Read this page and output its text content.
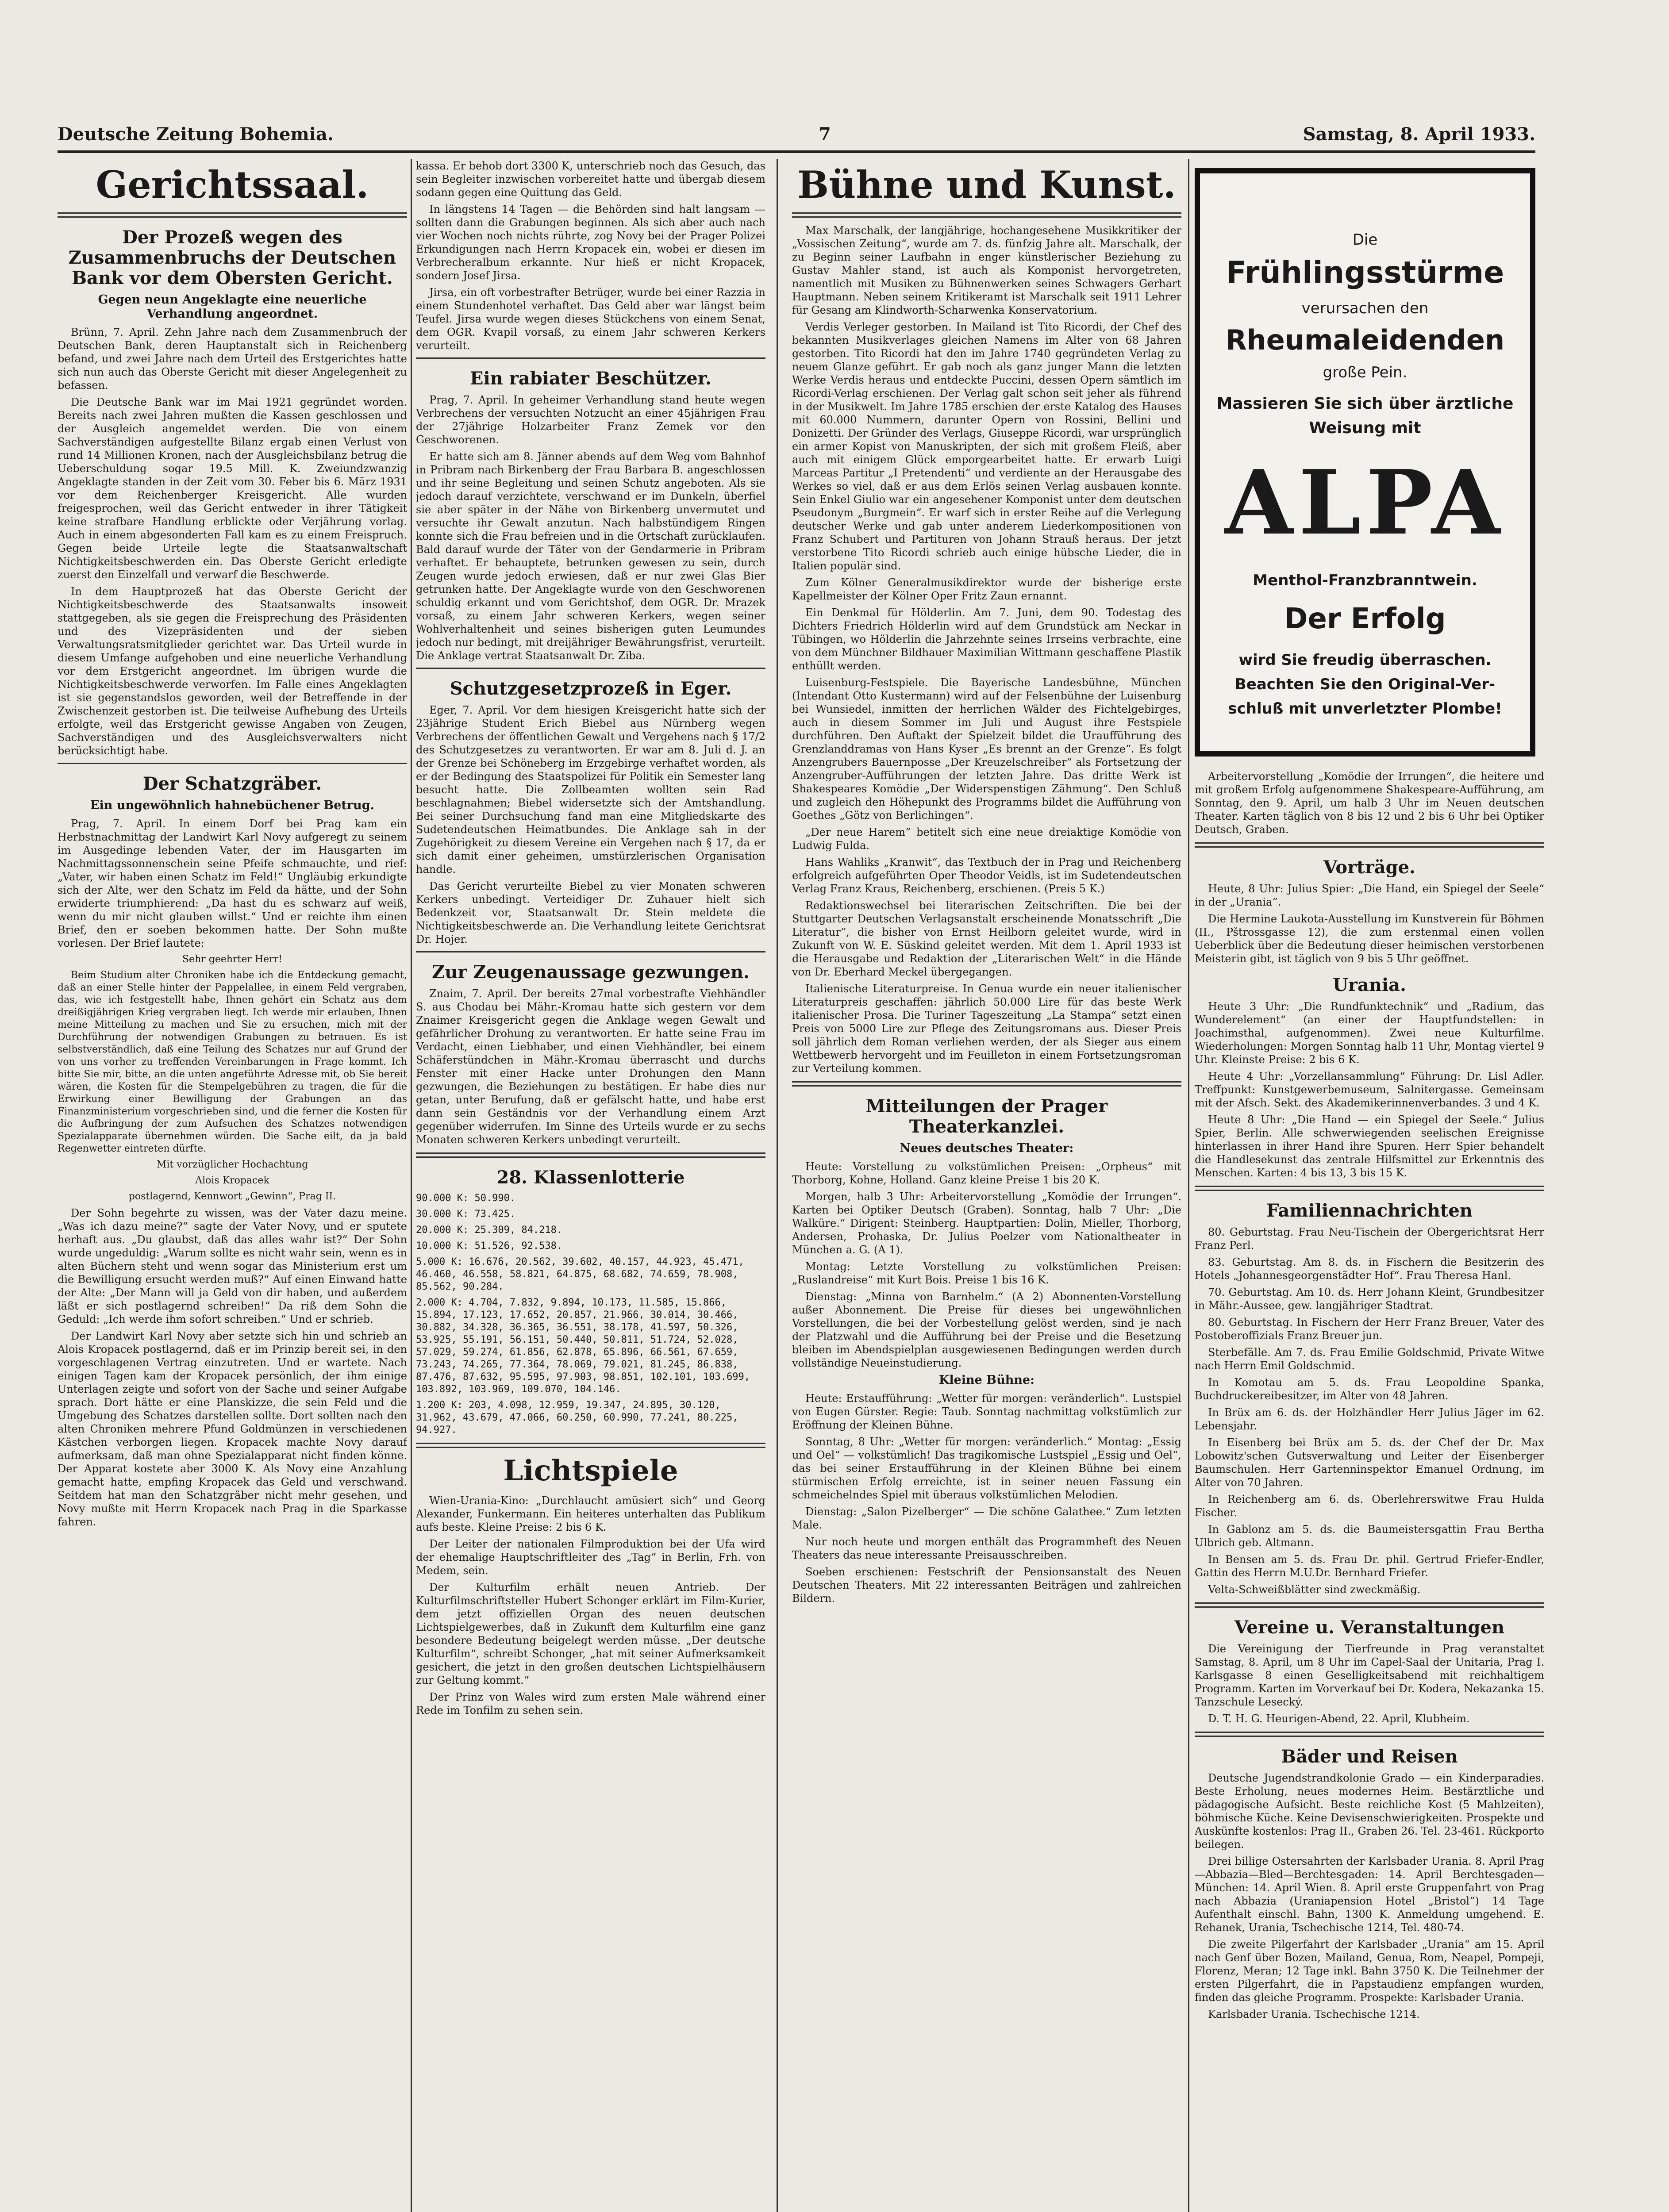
Deutsche Zeitung Bohemia.	7	Samstag, 8. April 1933.
Gerichtssaal.
Der Prozeß wegen des Zusammenbruchs der Deutschen Bank vor dem Obersten Gericht.
Gegen neun Angeklagte eine neuerliche Verhandlung angeordnet.

Brünn, 7. April. Zehn Jahre nach dem Zusammenbruch der Deutschen Bank, deren Hauptanstalt sich in Reichenberg befand, und zwei Jahre nach dem Urteil des Erstgerichtes hatte sich nun auch das Oberste Gericht mit dieser Angelegenheit zu befassen.

Die Deutsche Bank war im Mai 1921 gegründet worden. Bereits nach zwei Jahren mußten die Kassen geschlossen und der Ausgleich angemeldet werden. Die von einem Sachverständigen aufgestellte Bilanz ergab einen Verlust von rund 14 Millionen Kronen, nach der Ausgleichsbilanz betrug die Ueberschuldung sogar 19.5 Mill. K. Zweiundzwanzig Angeklagte standen in der Zeit vom 30. Feber bis 6. März 1931 vor dem Reichenberger Kreisgericht. Alle wurden freigesprochen, weil das Gericht entweder in ihrer Tätigkeit keine strafbare Handlung erblickte oder Verjährung vorlag. Auch in einem abgesonderten Fall kam es zu einem Freispruch. Gegen beide Urteile legte die Staatsanwaltschaft Nichtigkeitsbeschwerden ein. Das Oberste Gericht erledigte zuerst den Einzelfall und verwarf die Beschwerde.

In dem Hauptprozeß hat das Oberste Gericht der Nichtigkeitsbeschwerde des Staatsanwalts insoweit stattgegeben, als sie gegen die Freisprechung des Präsidenten und des Vizepräsidenten und der sieben Verwaltungsratsmitglieder gerichtet war. Das Urteil wurde in diesem Umfange aufgehoben und eine neuerliche Verhandlung vor dem Erstgericht angeordnet. Im übrigen wurde die Nichtigkeitsbeschwerde verworfen. Im Falle eines Angeklagten ist sie gegenstandslos geworden, weil der Betreffende in der Zwischenzeit gestorben ist. Die teilweise Aufhebung des Urteils erfolgte, weil das Erstgericht gewisse Angaben von Zeugen, Sachverständigen und des Ausgleichsverwalters nicht berücksichtigt habe.

Der Schatzgräber.
Ein ungewöhnlich hahnebüchener Betrug.

Prag, 7. April. In einem Dorf bei Prag kam ein Herbstnachmittag der Landwirt Karl Novy aufgeregt zu seinem im Ausgedinge lebenden Vater, der im Hausgarten im Nachmittagssonnenschein seine Pfeife schmauchte, und rief: „Vater, wir haben einen Schatz im Feld!“ Ungläubig erkundigte sich der Alte, wer den Schatz im Feld da hätte, und der Sohn erwiderte triumphierend: „Da hast du es schwarz auf weiß, wenn du mir nicht glauben willst.“ Und er reichte ihm einen Brief, den er soeben bekommen hatte. Der Sohn mußte vorlesen. Der Brief lautete:

Sehr geehrter Herr!

Beim Studium alter Chroniken habe ich die Entdeckung gemacht, daß an einer Stelle hinter der Pappelallee, in einem Feld vergraben, das, wie ich festgestellt habe, Ihnen gehört ein Schatz aus dem dreißigjährigen Krieg vergraben liegt. Ich werde mir erlauben, Ihnen meine Mitteilung zu machen und Sie zu ersuchen, mich mit der Durchführung der notwendigen Grabungen zu betrauen. Es ist selbstverständlich, daß eine Teilung des Schatzes nur auf Grund der von uns vorher zu treffenden Vereinbarungen in Frage kommt. Ich bitte Sie mir, bitte, an die unten angeführte Adresse mit, ob Sie bereit wären, die Kosten für die Stempelgebühren zu tragen, die für die Erwirkung einer Bewilligung der Grabungen an das Finanzministerium vorgeschrieben sind, und die ferner die Kosten für die Aufbringung der zum Aufsuchen des Schatzes notwendigen Spezialapparate übernehmen würden. Die Sache eilt, da ja bald Regenwetter eintreten dürfte.

Mit vorzüglicher Hochachtung

Alois Kropacek

postlagernd, Kennwort „Gewinn“, Prag II.

Der Sohn begehrte zu wissen, was der Vater dazu meine. „Was ich dazu meine?“ sagte der Vater Novy, und er sputete herhaft aus. „Du glaubst, daß das alles wahr ist?“ Der Sohn wurde ungeduldig: „Warum sollte es nicht wahr sein, wenn es in alten Büchern steht und wenn sogar das Ministerium erst um die Bewilligung ersucht werden muß?“ Auf einen Einwand hatte der Alte: „Der Mann will ja Geld von dir haben, und außerdem läßt er sich postlagernd schreiben!“ Da riß dem Sohn die Geduld: „Ich werde ihm sofort schreiben.“ Und er schrieb.

Der Landwirt Karl Novy aber setzte sich hin und schrieb an Alois Kropacek postlagernd, daß er im Prinzip bereit sei, in den vorgeschlagenen Vertrag einzutreten. Und er wartete. Nach einigen Tagen kam der Kropacek persönlich, der ihm einige Unterlagen zeigte und sofort von der Sache und seiner Aufgabe sprach. Dort hätte er eine Planskizze, die sein Feld und die Umgebung des Schatzes darstellen sollte. Dort sollten nach den alten Chroniken mehrere Pfund Goldmünzen in verschiedenen Kästchen verborgen liegen. Kropacek machte Novy darauf aufmerksam, daß man ohne Spezialapparat nicht finden könne. Der Apparat kostete aber 3000 K. Als Novy eine Anzahlung gemacht hatte, empfing Kropacek das Geld und verschwand. Seitdem hat man den Schatzgräber nicht mehr gesehen, und Novy mußte mit Herrn Kropacek nach Prag in die Sparkasse fahren.

kassa. Er behob dort 3300 K, unterschrieb noch das Gesuch, das sein Begleiter inzwischen vorbereitet hatte und übergab diesem sodann gegen eine Quittung das Geld.

In längstens 14 Tagen — die Behörden sind halt langsam — sollten dann die Grabungen beginnen. Als sich aber auch nach vier Wochen noch nichts rührte, zog Novy bei der Prager Polizei Erkundigungen nach Herrn Kropacek ein, wobei er diesen im Verbrecheralbum erkannte. Nur hieß er nicht Kropacek, sondern Josef Jirsa.

Jirsa, ein oft vorbestrafter Betrüger, wurde bei einer Razzia in einem Stundenhotel verhaftet. Das Geld aber war längst beim Teufel. Jirsa wurde wegen dieses Stückchens von einem Senat, dem OGR. Kvapil vorsaß, zu einem Jahr schweren Kerkers verurteilt.

Ein rabiater Beschützer.

Prag, 7. April. In geheimer Verhandlung stand heute wegen Verbrechens der versuchten Notzucht an einer 45jährigen Frau der 27jährige Holzarbeiter Franz Zemek vor den Geschworenen.

Er hatte sich am 8. Jänner abends auf dem Weg vom Bahnhof in Pribram nach Birkenberg der Frau Barbara B. angeschlossen und ihr seine Begleitung und seinen Schutz angeboten. Als sie jedoch darauf verzichtete, verschwand er im Dunkeln, überfiel sie aber später in der Nähe von Birkenberg unvermutet und versuchte ihr Gewalt anzutun. Nach halbstündigem Ringen konnte sich die Frau befreien und in die Ortschaft zurücklaufen. Bald darauf wurde der Täter von der Gendarmerie in Pribram verhaftet. Er behauptete, betrunken gewesen zu sein, durch Zeugen wurde jedoch erwiesen, daß er nur zwei Glas Bier getrunken hatte. Der Angeklagte wurde von den Geschworenen schuldig erkannt und vom Gerichtshof, dem OGR. Dr. Mrazek vorsaß, zu einem Jahr schweren Kerkers, wegen seiner Wohlverhaltenheit und seines bisherigen guten Leumundes jedoch nur bedingt, mit dreijähriger Bewährungsfrist, verurteilt. Die Anklage vertrat Staatsanwalt Dr. Ziba.

Schutzgesetzprozeß in Eger.

Eger, 7. April. Vor dem hiesigen Kreisgericht hatte sich der 23jährige Student Erich Biebel aus Nürnberg wegen Verbrechens der öffentlichen Gewalt und Vergehens nach § 17/2 des Schutzgesetzes zu verantworten. Er war am 8. Juli d. J. an der Grenze bei Schöneberg im Erzgebirge verhaftet worden, als er der Bedingung des Staatspolizei für Politik ein Semester lang besucht hatte. Die Zollbeamten wollten sein Rad beschlagnahmen; Biebel widersetzte sich der Amtshandlung. Bei seiner Durchsuchung fand man eine Mitgliedskarte des Sudetendeutschen Heimatbundes. Die Anklage sah in der Zugehörigkeit zu diesem Vereine ein Vergehen nach § 17, da er sich damit einer geheimen, umstürzlerischen Organisation handle.

Das Gericht verurteilte Biebel zu vier Monaten schweren Kerkers unbedingt. Verteidiger Dr. Zuhauer hielt sich Bedenkzeit vor, Staatsanwalt Dr. Stein meldete die Nichtigkeitsbeschwerde an. Die Verhandlung leitete Gerichtsrat Dr. Hojer.

Zur Zeugenaussage gezwungen.

Znaim, 7. April. Der bereits 27mal vorbestrafte Viehhändler S. aus Chodau bei Mähr.-Kromau hatte sich gestern vor dem Znaimer Kreisgericht gegen die Anklage wegen Gewalt und gefährlicher Drohung zu verantworten. Er hatte seine Frau im Verdacht, einen Liebhaber, und einen Viehhändler, bei einem Schäferstündchen in Mähr.-Kromau überrascht und durchs Fenster mit einer Hacke unter Drohungen den Mann gezwungen, die Beziehungen zu bestätigen. Er habe dies nur getan, unter Berufung, daß er gefälscht hatte, und habe erst dann sein Geständnis vor der Verhandlung einem Arzt gegenüber widerrufen. Im Sinne des Urteils wurde er zu sechs Monaten schweren Kerkers unbedingt verurteilt.

28. Klassenlotterie

90.000 K: 50.990.

30.000 K: 73.425.

20.000 K: 25.309, 84.218.

10.000 K: 51.526, 92.538.

5.000 K: 16.676, 20.562, 39.602, 40.157, 44.923, 45.471, 46.460, 46.558, 58.821, 64.875, 68.682, 74.659, 78.908, 85.562, 90.284.

2.000 K: 4.704, 7.832, 9.894, 10.173, 11.585, 15.866, 15.894, 17.123, 17.652, 20.857, 21.966, 30.014, 30.466, 30.882, 34.328, 36.365, 36.551, 38.178, 41.597, 50.326, 53.925, 55.191, 56.151, 50.440, 50.811, 51.724, 52.028, 57.029, 59.274, 61.856, 62.878, 65.896, 66.561, 67.659, 73.243, 74.265, 77.364, 78.069, 79.021, 81.245, 86.838, 87.476, 87.632, 95.595, 97.903, 98.851, 102.101, 103.699, 103.892, 103.969, 109.070, 104.146.

1.200 K: 203, 4.098, 12.959, 19.347, 24.895, 30.120, 31.962, 43.679, 47.066, 60.250, 60.990, 77.241, 80.225, 94.927.

Lichtspiele

Wien-Urania-Kino: „Durchlaucht amüsiert sich“ und Georg Alexander, Funkermann. Ein heiteres unterhalten das Publikum aufs beste. Kleine Preise: 2 bis 6 K.

Der Leiter der nationalen Filmproduktion bei der Ufa wird der ehemalige Hauptschriftleiter des „Tag“ in Berlin, Frh. von Medem, sein.

Der Kulturfilm erhält neuen Antrieb. Der Kulturfilmschriftsteller Hubert Schonger erklärt im Film-Kurier, dem jetzt offiziellen Organ des neuen deutschen Lichtspielgewerbes, daß in Zukunft dem Kulturfilm eine ganz besondere Bedeutung beigelegt werden müsse. „Der deutsche Kulturfilm“, schreibt Schonger, „hat mit seiner Aufmerksamkeit gesichert, die jetzt in den großen deutschen Lichtspielhäusern zur Geltung kommt.“

Der Prinz von Wales wird zum ersten Male während einer Rede im Tonfilm zu sehen sein.

Bühne und Kunst.

Max Marschalk, der langjährige, hochangesehene Musikkritiker der „Vossischen Zeitung“, wurde am 7. ds. fünfzig Jahre alt. Marschalk, der zu Beginn seiner Laufbahn in enger künstlerischer Beziehung zu Gustav Mahler stand, ist auch als Komponist hervorgetreten, namentlich mit Musiken zu Bühnenwerken seines Schwagers Gerhart Hauptmann. Neben seinem Kritikeramt ist Marschalk seit 1911 Lehrer für Gesang am Klindworth-Scharwenka Konservatorium.

Verdis Verleger gestorben. In Mailand ist Tito Ricordi, der Chef des bekannten Musikverlages gleichen Namens im Alter von 68 Jahren gestorben. Tito Ricordi hat den im Jahre 1740 gegründeten Verlag zu neuem Glanze geführt. Er gab noch als ganz junger Mann die letzten Werke Verdis heraus und entdeckte Puccini, dessen Opern sämtlich im Ricordi-Verlag erschienen. Der Verlag galt schon seit jeher als führend in der Musikwelt. Im Jahre 1785 erschien der erste Katalog des Hauses mit 60.000 Nummern, darunter Opern von Rossini, Bellini und Donizetti. Der Gründer des Verlags, Giuseppe Ricordi, war ursprünglich ein armer Kopist von Manuskripten, der sich mit großem Fleiß, aber auch mit einigem Glück emporgearbeitet hatte. Er erwarb Luigi Marceas Partitur „I Pretendenti“ und verdiente an der Herausgabe des Werkes so viel, daß er aus dem Erlös seinen Verlag ausbauen konnte. Sein Enkel Giulio war ein angesehener Komponist unter dem deutschen Pseudonym „Burgmein“. Er warf sich in erster Reihe auf die Verlegung deutscher Werke und gab unter anderem Liederkompositionen von Franz Schubert und Partituren von Johann Strauß heraus. Der jetzt verstorbene Tito Ricordi schrieb auch einige hübsche Lieder, die in Italien populär sind.

Zum Kölner Generalmusikdirektor wurde der bisherige erste Kapellmeister der Kölner Oper Fritz Zaun ernannt.

Ein Denkmal für Hölderlin. Am 7. Juni, dem 90. Todestag des Dichters Friedrich Hölderlin wird auf dem Grundstück am Neckar in Tübingen, wo Hölderlin die Jahrzehnte seines Irrseins verbrachte, eine von dem Münchner Bildhauer Maximilian Wittmann geschaffene Plastik enthüllt werden.

Luisenburg-Festspiele. Die Bayerische Landesbühne, München (Intendant Otto Kustermann) wird auf der Felsenbühne der Luisenburg bei Wunsiedel, inmitten der herrlichen Wälder des Fichtelgebirges, auch in diesem Sommer im Juli und August ihre Festspiele durchführen. Den Auftakt der Spielzeit bildet die Uraufführung des Grenzlanddramas von Hans Kyser „Es brennt an der Grenze“. Es folgt Anzengrubers Bauernposse „Der Kreuzelschreiber“ als Fortsetzung der Anzengruber-Aufführungen der letzten Jahre. Das dritte Werk ist Shakespeares Komödie „Der Widerspenstigen Zähmung“. Den Schluß und zugleich den Höhepunkt des Programms bildet die Aufführung von Goethes „Götz von Berlichingen“.

„Der neue Harem“ betitelt sich eine neue dreiaktige Komödie von Ludwig Fulda.

Hans Wahliks „Kranwit“, das Textbuch der in Prag und Reichenberg erfolgreich aufgeführten Oper Theodor Veidls, ist im Sudetendeutschen Verlag Franz Kraus, Reichenberg, erschienen. (Preis 5 K.)

Redaktionswechsel bei literarischen Zeitschriften. Die bei der Stuttgarter Deutschen Verlagsanstalt erscheinende Monatsschrift „Die Literatur“, die bisher von Ernst Heilborn geleitet wurde, wird in Zukunft von W. E. Süskind geleitet werden. Mit dem 1. April 1933 ist die Herausgabe und Redaktion der „Literarischen Welt“ in die Hände von Dr. Eberhard Meckel übergegangen.

Italienische Literaturpreise. In Genua wurde ein neuer italienischer Literaturpreis geschaffen: jährlich 50.000 Lire für das beste Werk italienischer Prosa. Die Turiner Tageszeitung „La Stampa“ setzt einen Preis von 5000 Lire zur Pflege des Zeitungsromans aus. Dieser Preis soll jährlich dem Roman verliehen werden, der als Sieger aus einem Wettbewerb hervorgeht und im Feuilleton in einem Fortsetzungsroman zur Verteilung kommen.

Mitteilungen der Prager Theaterkanzlei.
Neues deutsches Theater:

Heute: Vorstellung zu volkstümlichen Preisen: „Orpheus“ mit Thorborg, Kohne, Holland. Ganz kleine Preise 1 bis 20 K.

Morgen, halb 3 Uhr: Arbeitervorstellung „Komödie der Irrungen“. Karten bei Optiker Deutsch (Graben). Sonntag, halb 7 Uhr: „Die Walküre.“ Dirigent: Steinberg. Hauptpartien: Dolin, Mieller, Thorborg, Andersen, Prohaska, Dr. Julius Poelzer vom Nationaltheater in München a. G. (A 1).

Montag: Letzte Vorstellung zu volkstümlichen Preisen: „Ruslandreise“ mit Kurt Bois. Preise 1 bis 16 K.

Dienstag: „Minna von Barnhelm.“ (A 2) Abonnenten-Vorstellung außer Abonnement. Die Preise für dieses bei ungewöhnlichen Vorstellungen, die bei der Vorbestellung gelöst werden, sind je nach der Platzwahl und die Aufführung bei der Preise und die Besetzung bleiben im Abendspielplan ausgewiesenen Bedingungen werden durch vollständige Neueinstudierung.

Kleine Bühne:

Heute: Erstaufführung: „Wetter für morgen: veränderlich“. Lustspiel von Eugen Gürster. Regie: Taub. Sonntag nachmittag volkstümlich zur Eröffnung der Kleinen Bühne.

Sonntag, 8 Uhr: „Wetter für morgen: veränderlich.“ Montag: „Essig und Oel“ — volkstümlich! Das tragikomische Lustspiel „Essig und Oel“, das bei seiner Erstaufführung in der Kleinen Bühne bei einem stürmischen Erfolg erreichte, ist in seiner neuen Fassung ein schmeichelndes Spiel mit überaus volkstümlichen Melodien.

Dienstag: „Salon Pizelberger“ — Die schöne Galathee.“ Zum letzten Male.

Nur noch heute und morgen enthält das Programmheft des Neuen Theaters das neue interessante Preisausschreiben.

Soeben erschienen: Festschrift der Pensionsanstalt des Neuen Deutschen Theaters. Mit 22 interessanten Beiträgen und zahlreichen Bildern.

Die
Frühlingsstürme
verursachen den
Rheumaleidenden
große Pein.
Massieren Sie sich über ärztliche
Weisung mit
ALPA
Menthol-Franzbranntwein.
Der Erfolg
wird Sie freudig überraschen.
Beachten Sie den Original-Ver-
schluß mit unverletzter Plombe!

Arbeitervorstellung „Komödie der Irrungen“, die heitere und mit großem Erfolg aufgenommene Shakespeare-Aufführung, am Sonntag, den 9. April, um halb 3 Uhr im Neuen deutschen Theater. Karten täglich von 8 bis 12 und 2 bis 6 Uhr bei Optiker Deutsch, Graben.

Vorträge.

Heute, 8 Uhr: Julius Spier: „Die Hand, ein Spiegel der Seele“ in der „Urania“.

Die Hermine Laukota-Ausstellung im Kunstverein für Böhmen (II., Pštrossgasse 12), die zum erstenmal einen vollen Ueberblick über die Bedeutung dieser heimischen verstorbenen Meisterin gibt, ist täglich von 9 bis 5 Uhr geöffnet.

Urania.

Heute 3 Uhr: „Die Rundfunktechnik“ und „Radium, das Wunderelement“ (an einer der Hauptfundstellen: in Joachimsthal, aufgenommen). Zwei neue Kulturfilme. Wiederholungen: Morgen Sonntag halb 11 Uhr, Montag viertel 9 Uhr. Kleinste Preise: 2 bis 6 K.

Heute 4 Uhr: „Vorzellansammlung“ Führung: Dr. Lisl Adler. Treffpunkt: Kunstgewerbemuseum, Salnitergasse. Gemeinsam mit der Afsch. Sekt. des Akademikerinnenverbandes. 3 und 4 K.

Heute 8 Uhr: „Die Hand — ein Spiegel der Seele.“ Julius Spier, Berlin. Alle schwerwiegenden seelischen Ereignisse hinterlassen in ihrer Hand ihre Spuren. Herr Spier behandelt die Handlesekunst das zentrale Hilfsmittel zur Erkenntnis des Menschen. Karten: 4 bis 13, 3 bis 15 K.

Familiennachrichten

80. Geburtstag. Frau Neu-Tischein der Obergerichtsrat Herr Franz Perl.

83. Geburtstag. Am 8. ds. in Fischern die Besitzerin des Hotels „Johannesgeorgenstädter Hof“. Frau Theresa Hanl.

70. Geburtstag. Am 10. ds. Herr Johann Kleint, Grundbesitzer in Mähr.-Aussee, gew. langjähriger Stadtrat.

80. Geburtstag. In Fischern der Herr Franz Breuer, Vater des Postoberoffizials Franz Breuer jun.

Sterbefälle. Am 7. ds. Frau Emilie Goldschmid, Private Witwe nach Herrn Emil Goldschmid.

In Komotau am 5. ds. Frau Leopoldine Spanka, Buchdruckereibesitzer, im Alter von 48 Jahren.

In Brüx am 6. ds. der Holzhändler Herr Julius Jäger im 62. Lebensjahr.

In Eisenberg bei Brüx am 5. ds. der Chef der Dr. Max Lobowitz'schen Gutsverwaltung und Leiter der Eisenberger Baumschulen. Herr Gartenninspektor Emanuel Ordnung, im Alter von 70 Jahren.

In Reichenberg am 6. ds. Oberlehrerswitwe Frau Hulda Fischer.

In Gablonz am 5. ds. die Baumeistersgattin Frau Bertha Ulbrich geb. Altmann.

In Bensen am 5. ds. Frau Dr. phil. Gertrud Friefer-Endler, Gattin des Herrn M.U.Dr. Bernhard Friefer.

Velta-Schweißblätter sind zweckmäßig.

Vereine u. Veranstaltungen

Die Vereinigung der Tierfreunde in Prag veranstaltet Samstag, 8. April, um 8 Uhr im Capel-Saal der Unitaria, Prag I. Karlsgasse 8 einen Geselligkeitsabend mit reichhaltigem Programm. Karten im Vorverkauf bei Dr. Kodera, Nekazanka 15. Tanzschule Lesecký.

D. T. H. G. Heurigen-Abend, 22. April, Klubheim.

Bäder und Reisen

Deutsche Jugendstrandkolonie Grado — ein Kinderparadies. Beste Erholung, neues modernes Heim. Bestärztliche und pädagogische Aufsicht. Beste reichliche Kost (5 Mahlzeiten), böhmische Küche. Keine Devisenschwierigkeiten. Prospekte und Auskünfte kostenlos: Prag II., Graben 26. Tel. 23-461. Rückporto beilegen.

Drei billige Ostersahrten der Karlsbader Urania. 8. April Prag—Abbazia—Bled—Berchtesgaden: 14. April Berchtesgaden—München: 14. April Wien. 8. April erste Gruppenfahrt von Prag nach Abbazia (Uraniapension Hotel „Bristol“) 14 Tage Aufenthalt einschl. Bahn, 1300 K. Anmeldung umgehend. E. Rehanek, Urania, Tschechische 1214, Tel. 480-74.

Die zweite Pilgerfahrt der Karlsbader „Urania“ am 15. April nach Genf über Bozen, Mailand, Genua, Rom, Neapel, Pompeji, Florenz, Meran; 12 Tage inkl. Bahn 3750 K. Die Teilnehmer der ersten Pilgerfahrt, die in Papstaudienz empfangen wurden, finden das gleiche Programm. Prospekte: Karlsbader Urania.

Karlsbader Urania. Tschechische 1214.
